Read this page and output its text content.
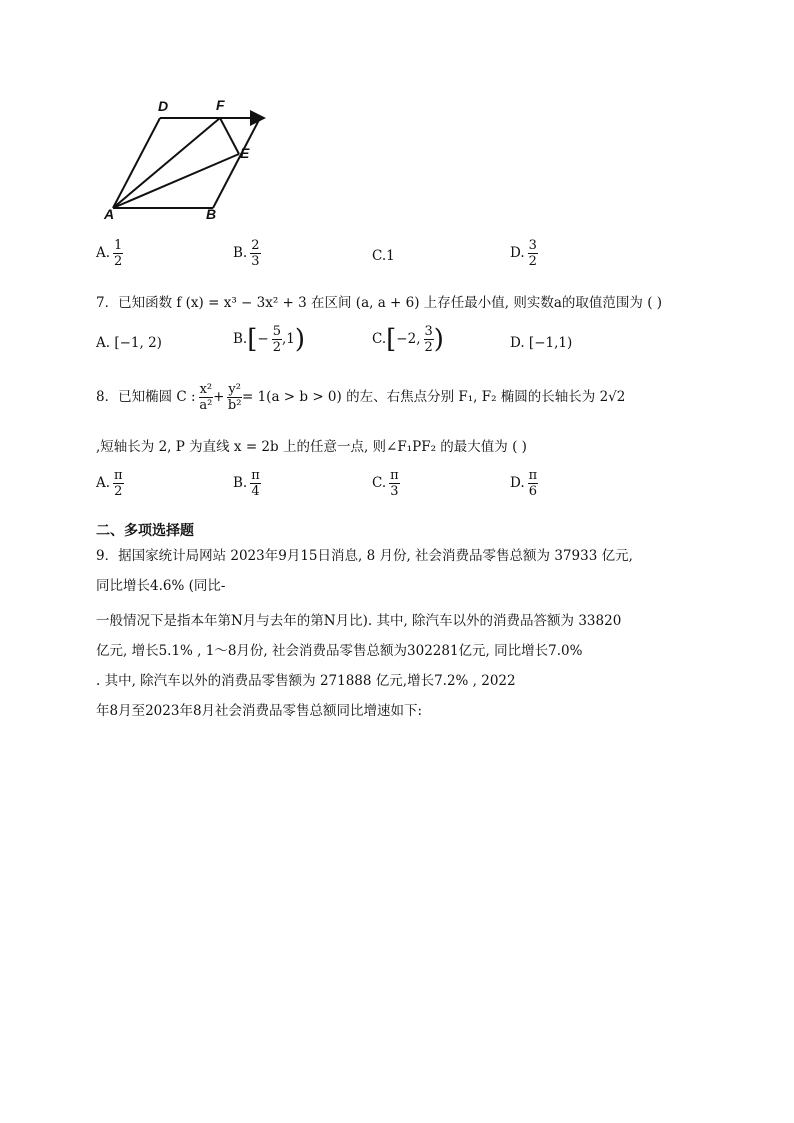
D	F
E
A	B
A. $\frac{1}{2}$	B. $\frac{2}{3}$	C.1	D. $\frac{3}{2}$
7．已知函数 f (x) = x³ − 3x² + 3 在区间 (a, a + 6) 上存任最小值, 则实数a的取值范围为 ( )
A. [−1, 2)	$B.[- \frac{5}{2} ,1)$	C.[−2, $\frac{3}{2}$ )	D. [−1,1)
8．已知椭圆 C : $\frac{\text{x²}}{\text{a²}} + \frac{\text{y²}}{\text{b²}} = 1(a > b > 0)$ 的左、右焦点分别 F₁, F₂ 椭圆的长轴长为 2√2
,短轴长为 2, P 为直线 x = 2b 上的任意一点, 则∠F₁PF₂ 的最大值为 ( )
A. $\frac{\pi}{2}$	B. $\frac{\pi}{4}$	C. $\frac{\pi}{3}$	D. $\frac{\pi}{6}$
二、多项选择题
9．据国家统计局网站 2023年9月15日消息, 8 月份, 社会消费品零售总额为 37933 亿元,
同比增长4.6% (同比-
一般情况下是指本年第N月与去年的第N月比). 其中, 除汽车以外的消费品答额为 33820
亿元, 增长5.1% , 1～8月份, 社会消费品零售总额为302281亿元, 同比增长7.0%
. 其中, 除汽车以外的消费品零售额为 271888 亿元,增长7.2% , 2022
年8月至2023年8月社会消费品零售总额同比增速如下:
